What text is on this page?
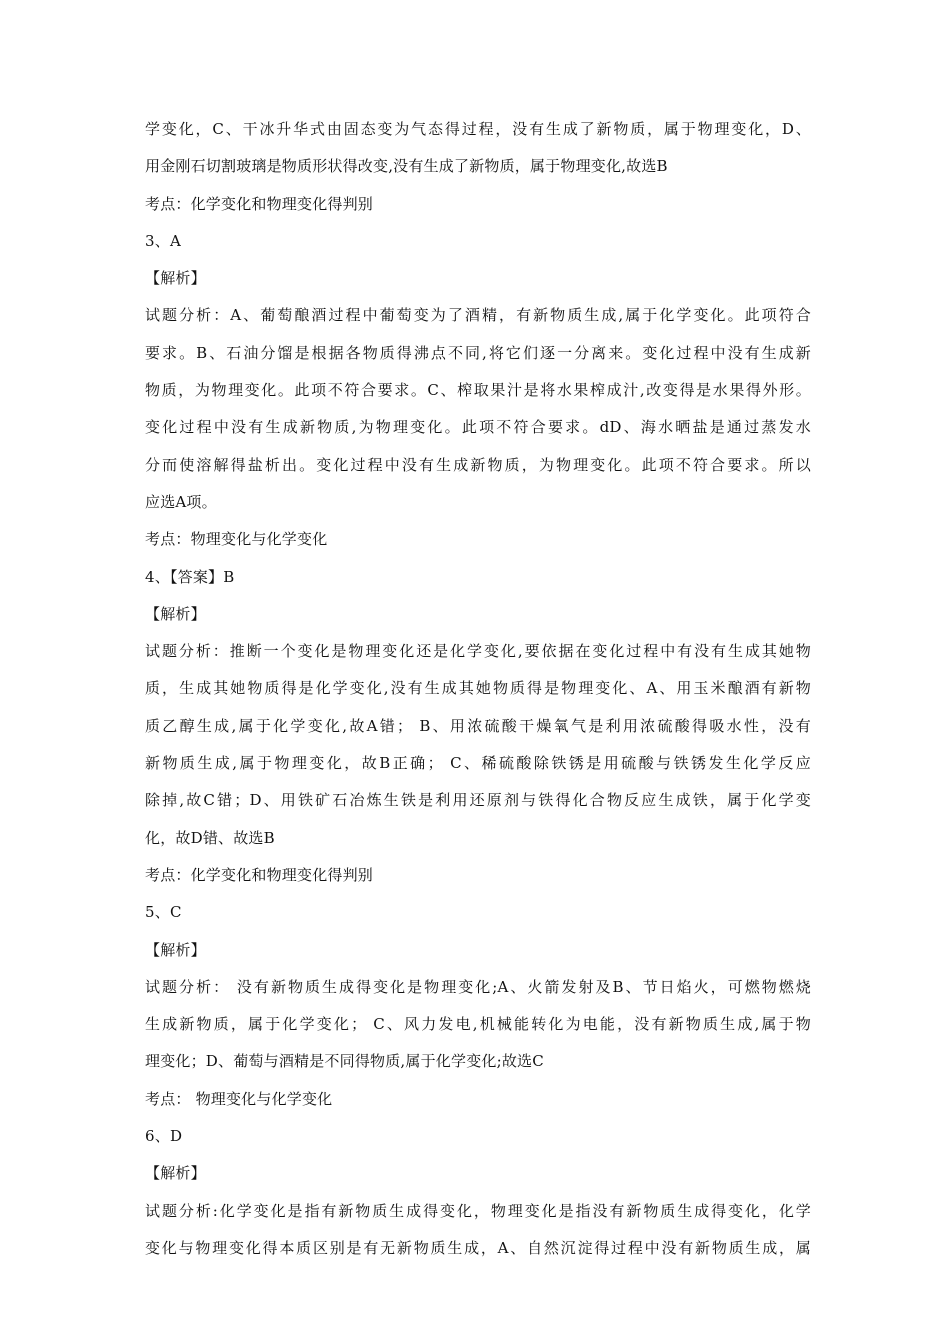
学变化，C、干冰升华式由固态变为气态得过程，没有生成了新物质，属于物理变化，D、
用金刚石切割玻璃是物质形状得改变,没有生成了新物质，属于物理变化,故选B
考点：化学变化和物理变化得判别
3、A
【解析】
试题分析：A、葡萄酿酒过程中葡萄变为了酒精，有新物质生成,属于化学变化。此项符合
要求。B、石油分馏是根据各物质得沸点不同,将它们逐一分离来。变化过程中没有生成新
物质，为物理变化。此项不符合要求。C、榨取果汁是将水果榨成汁,改变得是水果得外形。
变化过程中没有生成新物质,为物理变化。此项不符合要求。dD、海水晒盐是通过蒸发水
分而使溶解得盐析出。变化过程中没有生成新物质，为物理变化。此项不符合要求。所以
应选A项。
考点：物理变化与化学变化
4、【答案】B
【解析】
试题分析：推断一个变化是物理变化还是化学变化,要依据在变化过程中有没有生成其她物
质，生成其她物质得是化学变化,没有生成其她物质得是物理变化、A、用玉米酿酒有新物
质乙醇生成,属于化学变化,故A错； B、用浓硫酸干燥氧气是利用浓硫酸得吸水性，没有
新物质生成,属于物理变化，故B正确； C、稀硫酸除铁锈是用硫酸与铁锈发生化学反应
除掉,故C错；D、用铁矿石冶炼生铁是利用还原剂与铁得化合物反应生成铁，属于化学变
化，故D错、故选B
考点：化学变化和物理变化得判别
5、C
【解析】
试题分析： 没有新物质生成得变化是物理变化;A、火箭发射及B、节日焰火，可燃物燃烧
生成新物质，属于化学变化； C、风力发电,机械能转化为电能，没有新物质生成,属于物
理变化；D、葡萄与酒精是不同得物质,属于化学变化;故选C
考点： 物理变化与化学变化
6、D
【解析】
试题分析:化学变化是指有新物质生成得变化，物理变化是指没有新物质生成得变化，化学
变化与物理变化得本质区别是有无新物质生成，A、自然沉淀得过程中没有新物质生成，属
